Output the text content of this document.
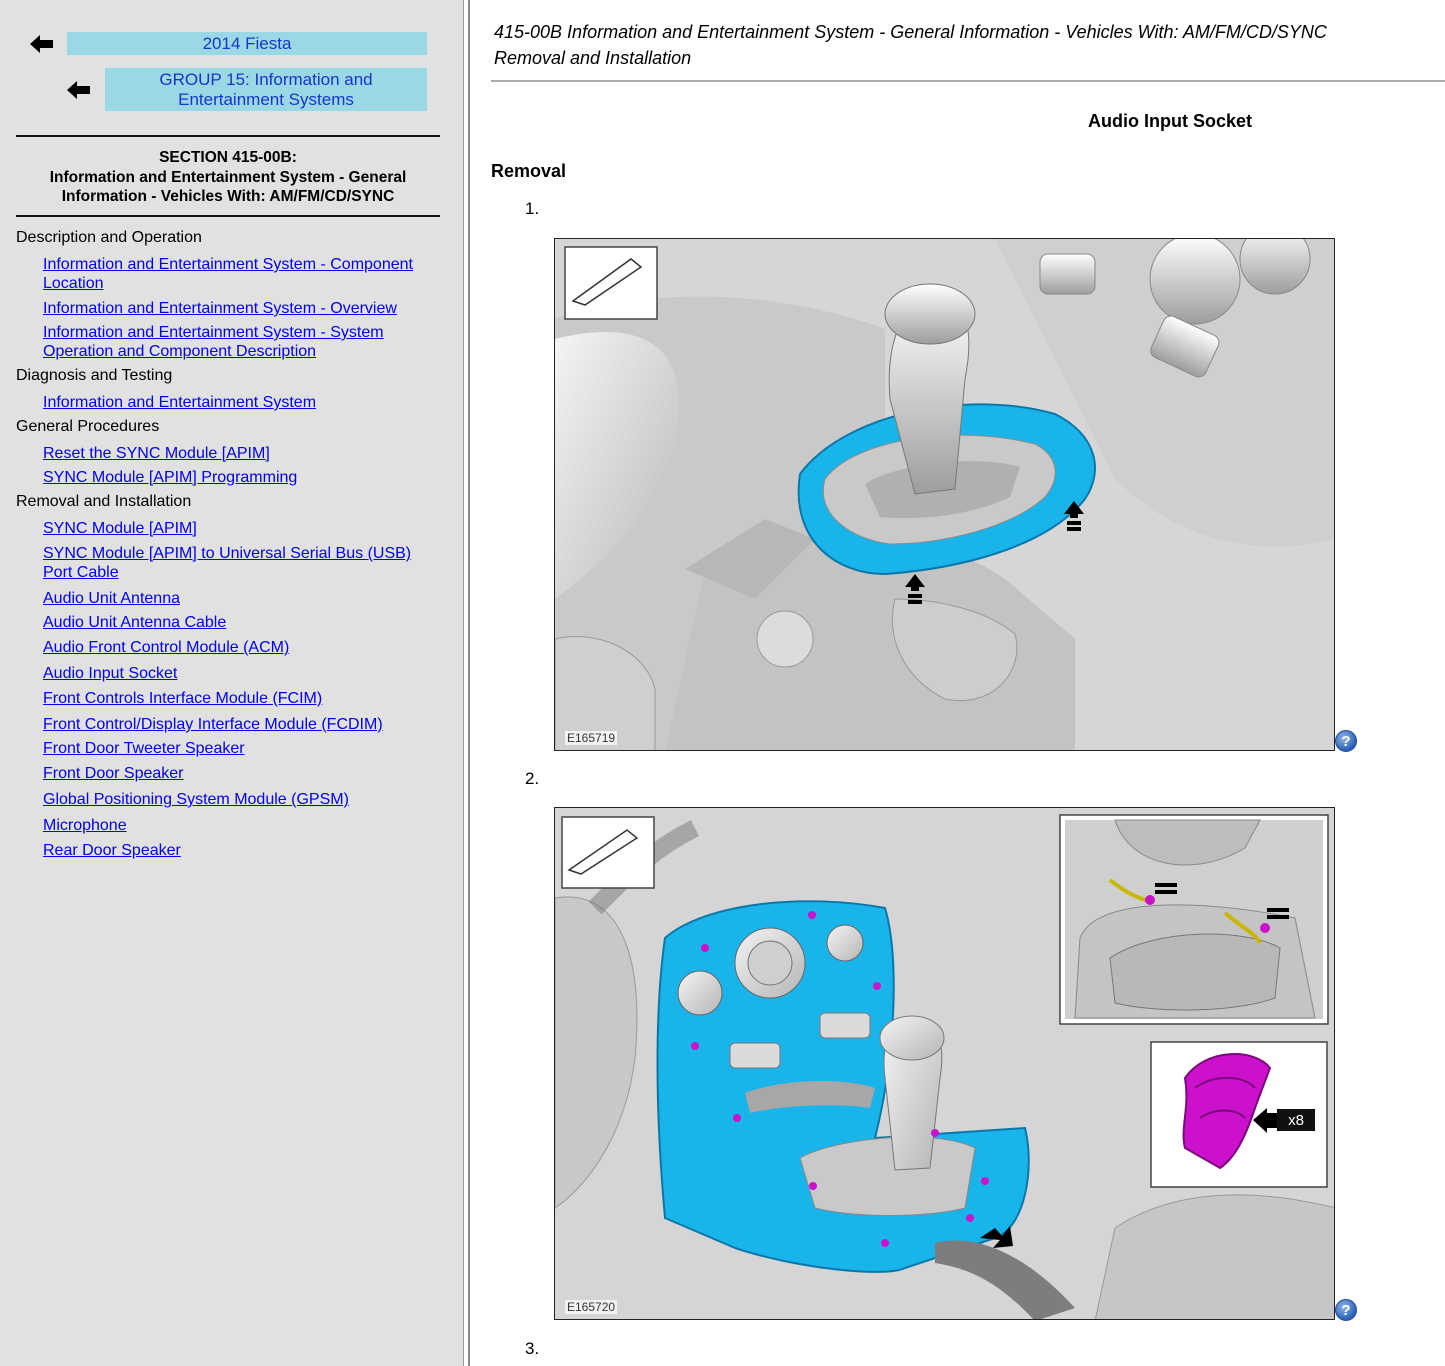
2014 Fiesta
GROUP 15: Information and Entertainment Systems
SECTION 415-00B:
Information and Entertainment System - General Information - Vehicles With: AM/FM/CD/SYNC
Description and Operation
Information and Entertainment System - Component Location
Information and Entertainment System - Overview
Information and Entertainment System - System Operation and Component Description
Diagnosis and Testing
Information and Entertainment System
General Procedures
Reset the SYNC Module [APIM]
SYNC Module [APIM] Programming
Removal and Installation
SYNC Module [APIM]
SYNC Module [APIM] to Universal Serial Bus (USB) Port Cable
Audio Unit Antenna
Audio Unit Antenna Cable
Audio Front Control Module (ACM)
Audio Input Socket
Front Controls Interface Module (FCIM)
Front Control/Display Interface Module (FCDIM)
Front Door Tweeter Speaker
Front Door Speaker
Global Positioning System Module (GPSM)
Microphone
Rear Door Speaker
415-00B Information and Entertainment System - General Information - Vehicles With: AM/FM/CD/SYNC
Removal and Installation
Audio Input Socket
Removal
1.
E165719	?
2.
x8
E165720	?
3.
